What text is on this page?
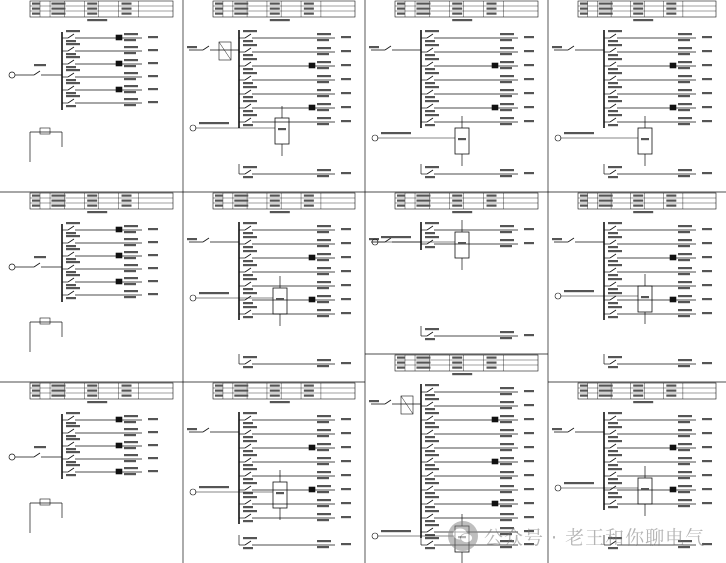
公众号 · 老王和你聊电气
